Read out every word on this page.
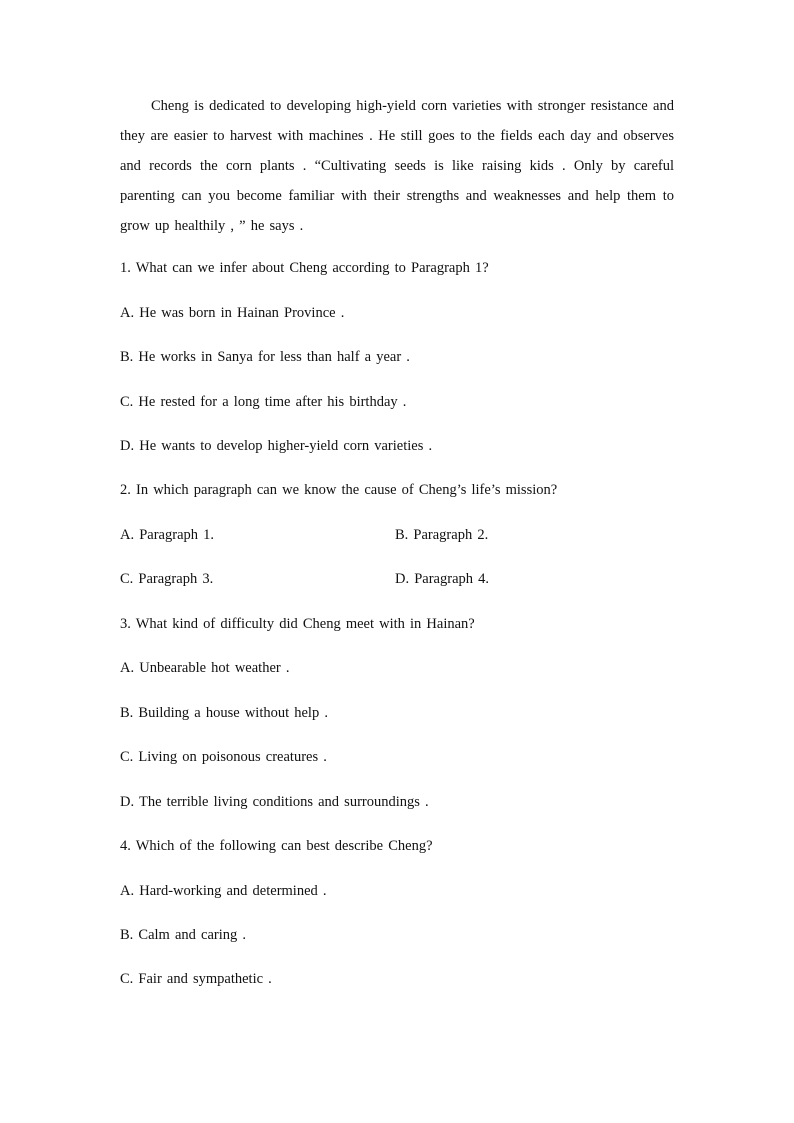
Cheng is dedicated to developing high-yield corn varieties with stronger resistance and they are easier to harvest with machines . He still goes to the fields each day and observes and records the corn plants . “Cultivating seeds is like raising kids . Only by careful parenting can you become familiar with their strengths and weaknesses and help them to grow up healthily , ” he says .

1. What can we infer about Cheng according to Paragraph 1?

A. He was born in Hainan Province .

B. He works in Sanya for less than half a year .

C. He rested for a long time after his birthday .

D. He wants to develop higher-yield corn varieties .

2. In which paragraph can we know the cause of Cheng’s life’s mission?

A. Paragraph 1.	B. Paragraph 2.

C. Paragraph 3.	D. Paragraph 4.

3. What kind of difficulty did Cheng meet with in Hainan?

A. Unbearable hot weather .

B. Building a house without help .

C. Living on poisonous creatures .

D. The terrible living conditions and surroundings .

4. Which of the following can best describe Cheng?

A. Hard-working and determined .

B. Calm and caring .

C. Fair and sympathetic .
